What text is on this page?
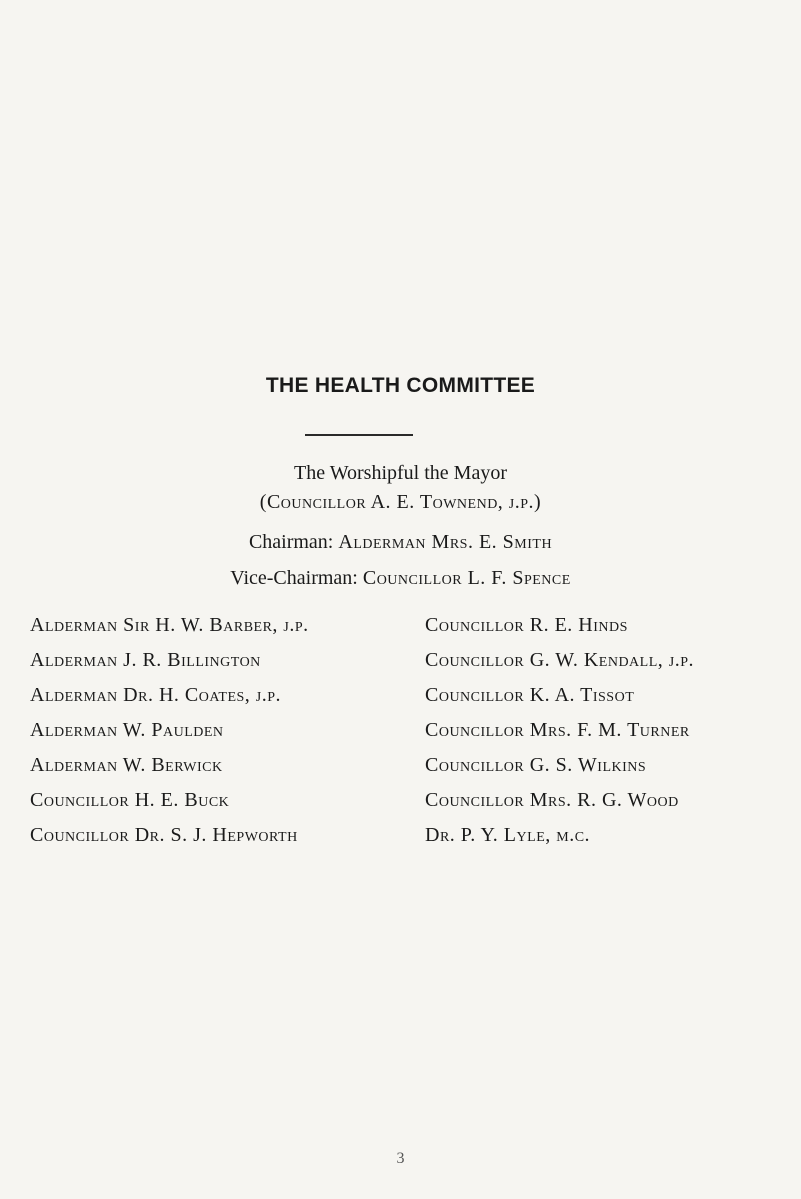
THE HEALTH COMMITTEE
The Worshipful the Mayor
(Councillor A. E. Townend, j.p.)
Chairman: Alderman Mrs. E. Smith
Vice-Chairman: Councillor L. F. Spence
Alderman Sir H. W. Barber, j.p.
Alderman J. R. Billington
Alderman Dr. H. Coates, j.p.
Alderman W. Paulden
Alderman W. Berwick
Councillor H. E. Buck
Councillor Dr. S. J. Hepworth
Councillor R. E. Hinds
Councillor G. W. Kendall, j.p.
Councillor K. A. Tissot
Councillor Mrs. F. M. Turner
Councillor G. S. Wilkins
Councillor Mrs. R. G. Wood
Dr. P. Y. Lyle, m.c.
3
